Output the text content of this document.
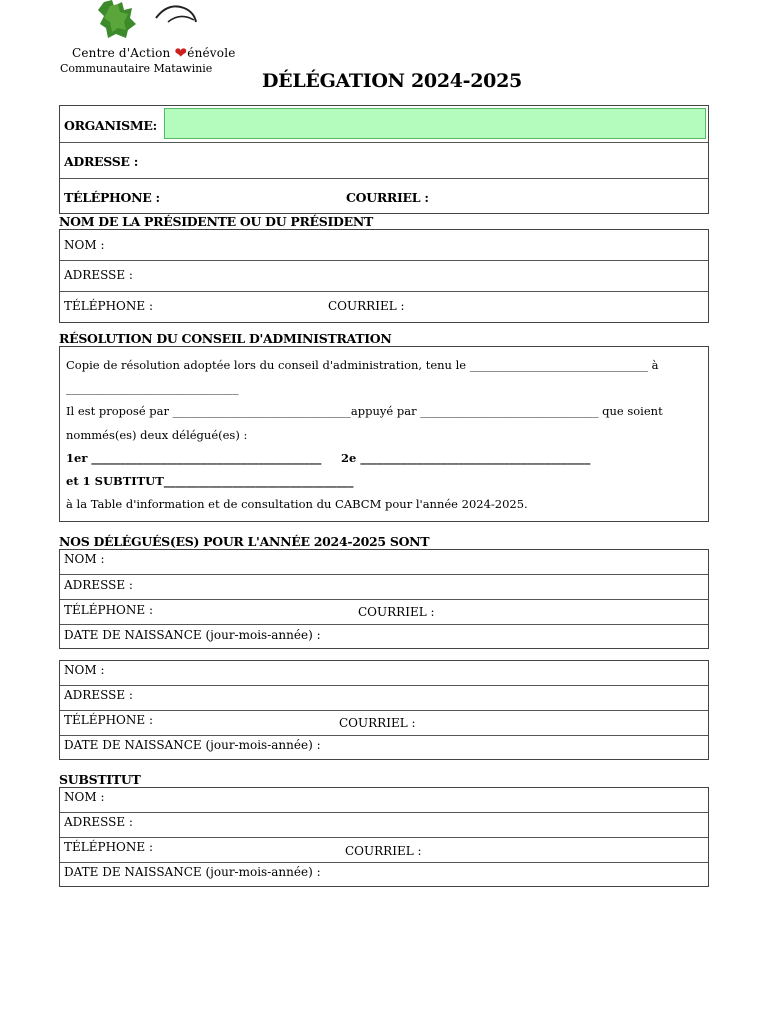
Centre d'Action ❤énévole
Communautaire Matawinie
DÉLÉGATION 2024-2025
ORGANISME:
ADRESSE :
TÉLÉPHONE :	COURRIEL :
NOM DE LA PRÉSIDENTE OU DU PRÉSIDENT
NOM :
ADRESSE :
TÉLÉPHONE :	COURRIEL :
RÉSOLUTION DU CONSEIL D'ADMINISTRATION
Copie de résolution adoptée lors du conseil d'administration, tenu le _______________________________ à
______________________________
Il est proposé par _______________________________appuyé par _______________________________ que soient
nommés(es) deux délégué(es) :
1er ________________________________________ 2e ________________________________________
et 1 SUBTITUT_________________________________
à la Table d'information et de consultation du CABCM pour l'année 2024-2025.
NOS DÉLÉGUÉS(ES) POUR L'ANNÉE 2024-2025 SONT
NOM :
ADRESSE :
TÉLÉPHONE :	COURRIEL :
DATE DE NAISSANCE (jour-mois-année) :
NOM :
ADRESSE :
TÉLÉPHONE :	COURRIEL :
DATE DE NAISSANCE (jour-mois-année) :
SUBSTITUT
NOM :
ADRESSE :
TÉLÉPHONE :	COURRIEL :
DATE DE NAISSANCE (jour-mois-année) :
